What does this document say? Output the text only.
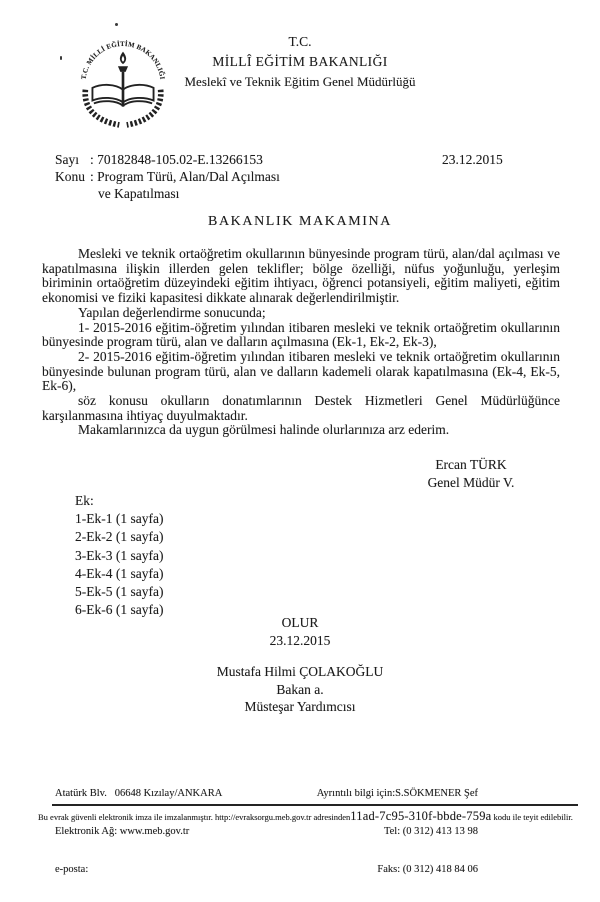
T.C. MİLLİ EĞİTİM BAKANLIĞI
T.C.
MİLLÎ EĞİTİM BAKANLIĞI
Meslekî ve Teknik Eğitim Genel Müdürlüğü
Sayı : 70182848-105.02-E.13266153
Konu : Program Türü, Alan/Dal Açılması
ve Kapatılması
23.12.2015
BAKANLIK MAKAMINA

Mesleki ve teknik ortaöğretim okullarının bünyesinde program türü, alan/dal açılması ve kapatılmasına ilişkin illerden gelen teklifler; bölge özelliği, nüfus yoğunluğu, yerleşim biriminin ortaöğretim düzeyindeki eğitim ihtiyacı, öğrenci potansiyeli, eğitim maliyeti, eğitim ekonomisi ve fiziki kapasitesi dikkate alınarak değerlendirilmiştir.

Yapılan değerlendirme sonucunda;

1- 2015-2016 eğitim-öğretim yılından itibaren mesleki ve teknik ortaöğretim okullarının bünyesinde program türü, alan ve dalların açılmasına (Ek-1, Ek-2, Ek-3),

2- 2015-2016 eğitim-öğretim yılından itibaren mesleki ve teknik ortaöğretim okullarının bünyesinde bulunan program türü, alan ve dalların kademeli olarak kapatılmasına (Ek-4, Ek-5, Ek-6),

söz konusu okulların donatımlarının Destek Hizmetleri Genel Müdürlüğünce karşılanmasına ihtiyaç duyulmaktadır.

Makamlarınızca da uygun görülmesi halinde olurlarınıza arz ederim.

Ercan TÜRK
Genel Müdür V.
Ek:
1-Ek-1 (1 sayfa)
2-Ek-2 (1 sayfa)
3-Ek-3 (1 sayfa)
4-Ek-4 (1 sayfa)
5-Ek-5 (1 sayfa)
6-Ek-6 (1 sayfa)
OLUR
23.12.2015
Mustafa Hilmi ÇOLAKOĞLU
Bakan a.
Müsteşar Yardımcısı

Atatürk Blv.   06648 Kızılay/ANKARA

Elektronik Ağ: www.meb.gov.tr

e-posta:

Ayrıntılı bilgi için:S.SÖKMENER Şef

Tel: (0 312) 413 13 98

Faks: (0 312) 418 84 06

Bu evrak güvenli elektronik imza ile imzalanmıştır. http://evraksorgu.meb.gov.tr adresinden11ad-7c95-310f-bbde-759a kodu ile teyit edilebilir.
